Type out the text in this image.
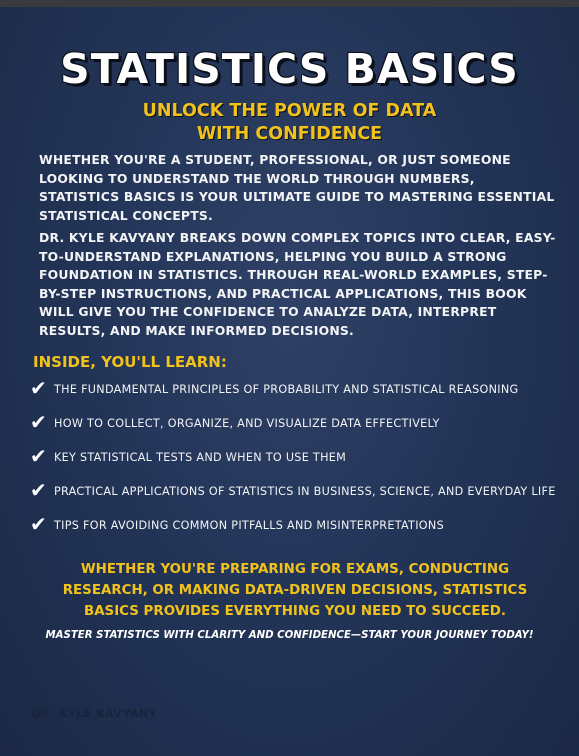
STATISTICS BASICS
UNLOCK THE POWER OF DATA
WITH CONFIDENCE

WHETHER YOU'RE A STUDENT, PROFESSIONAL, OR JUST SOMEONE LOOKING TO UNDERSTAND THE WORLD THROUGH NUMBERS, STATISTICS BASICS IS YOUR ULTIMATE GUIDE TO MASTERING ESSENTIAL STATISTICAL CONCEPTS.

DR. KYLE KAVYANY BREAKS DOWN COMPLEX TOPICS INTO CLEAR, EASY-TO-UNDERSTAND EXPLANATIONS, HELPING YOU BUILD A STRONG FOUNDATION IN STATISTICS. THROUGH REAL-WORLD EXAMPLES, STEP-BY-STEP INSTRUCTIONS, AND PRACTICAL APPLICATIONS, THIS BOOK WILL GIVE YOU THE CONFIDENCE TO ANALYZE DATA, INTERPRET RESULTS, AND MAKE INFORMED DECISIONS.

INSIDE, YOU'LL LEARN:
✔ THE FUNDAMENTAL PRINCIPLES OF PROBABILITY AND STATISTICAL REASONING
✔ HOW TO COLLECT, ORGANIZE, AND VISUALIZE DATA EFFECTIVELY
✔ KEY STATISTICAL TESTS AND WHEN TO USE THEM
✔ PRACTICAL APPLICATIONS OF STATISTICS IN BUSINESS, SCIENCE, AND EVERYDAY LIFE
✔ TIPS FOR AVOIDING COMMON PITFALLS AND MISINTERPRETATIONS

WHETHER YOU'RE PREPARING FOR EXAMS, CONDUCTING RESEARCH, OR MAKING DATA-DRIVEN DECISIONS, STATISTICS BASICS PROVIDES EVERYTHING YOU NEED TO SUCCEED.

MASTER STATISTICS WITH CLARITY AND CONFIDENCE—START YOUR JOURNEY TODAY!

DR. KYLE KAVYANY
